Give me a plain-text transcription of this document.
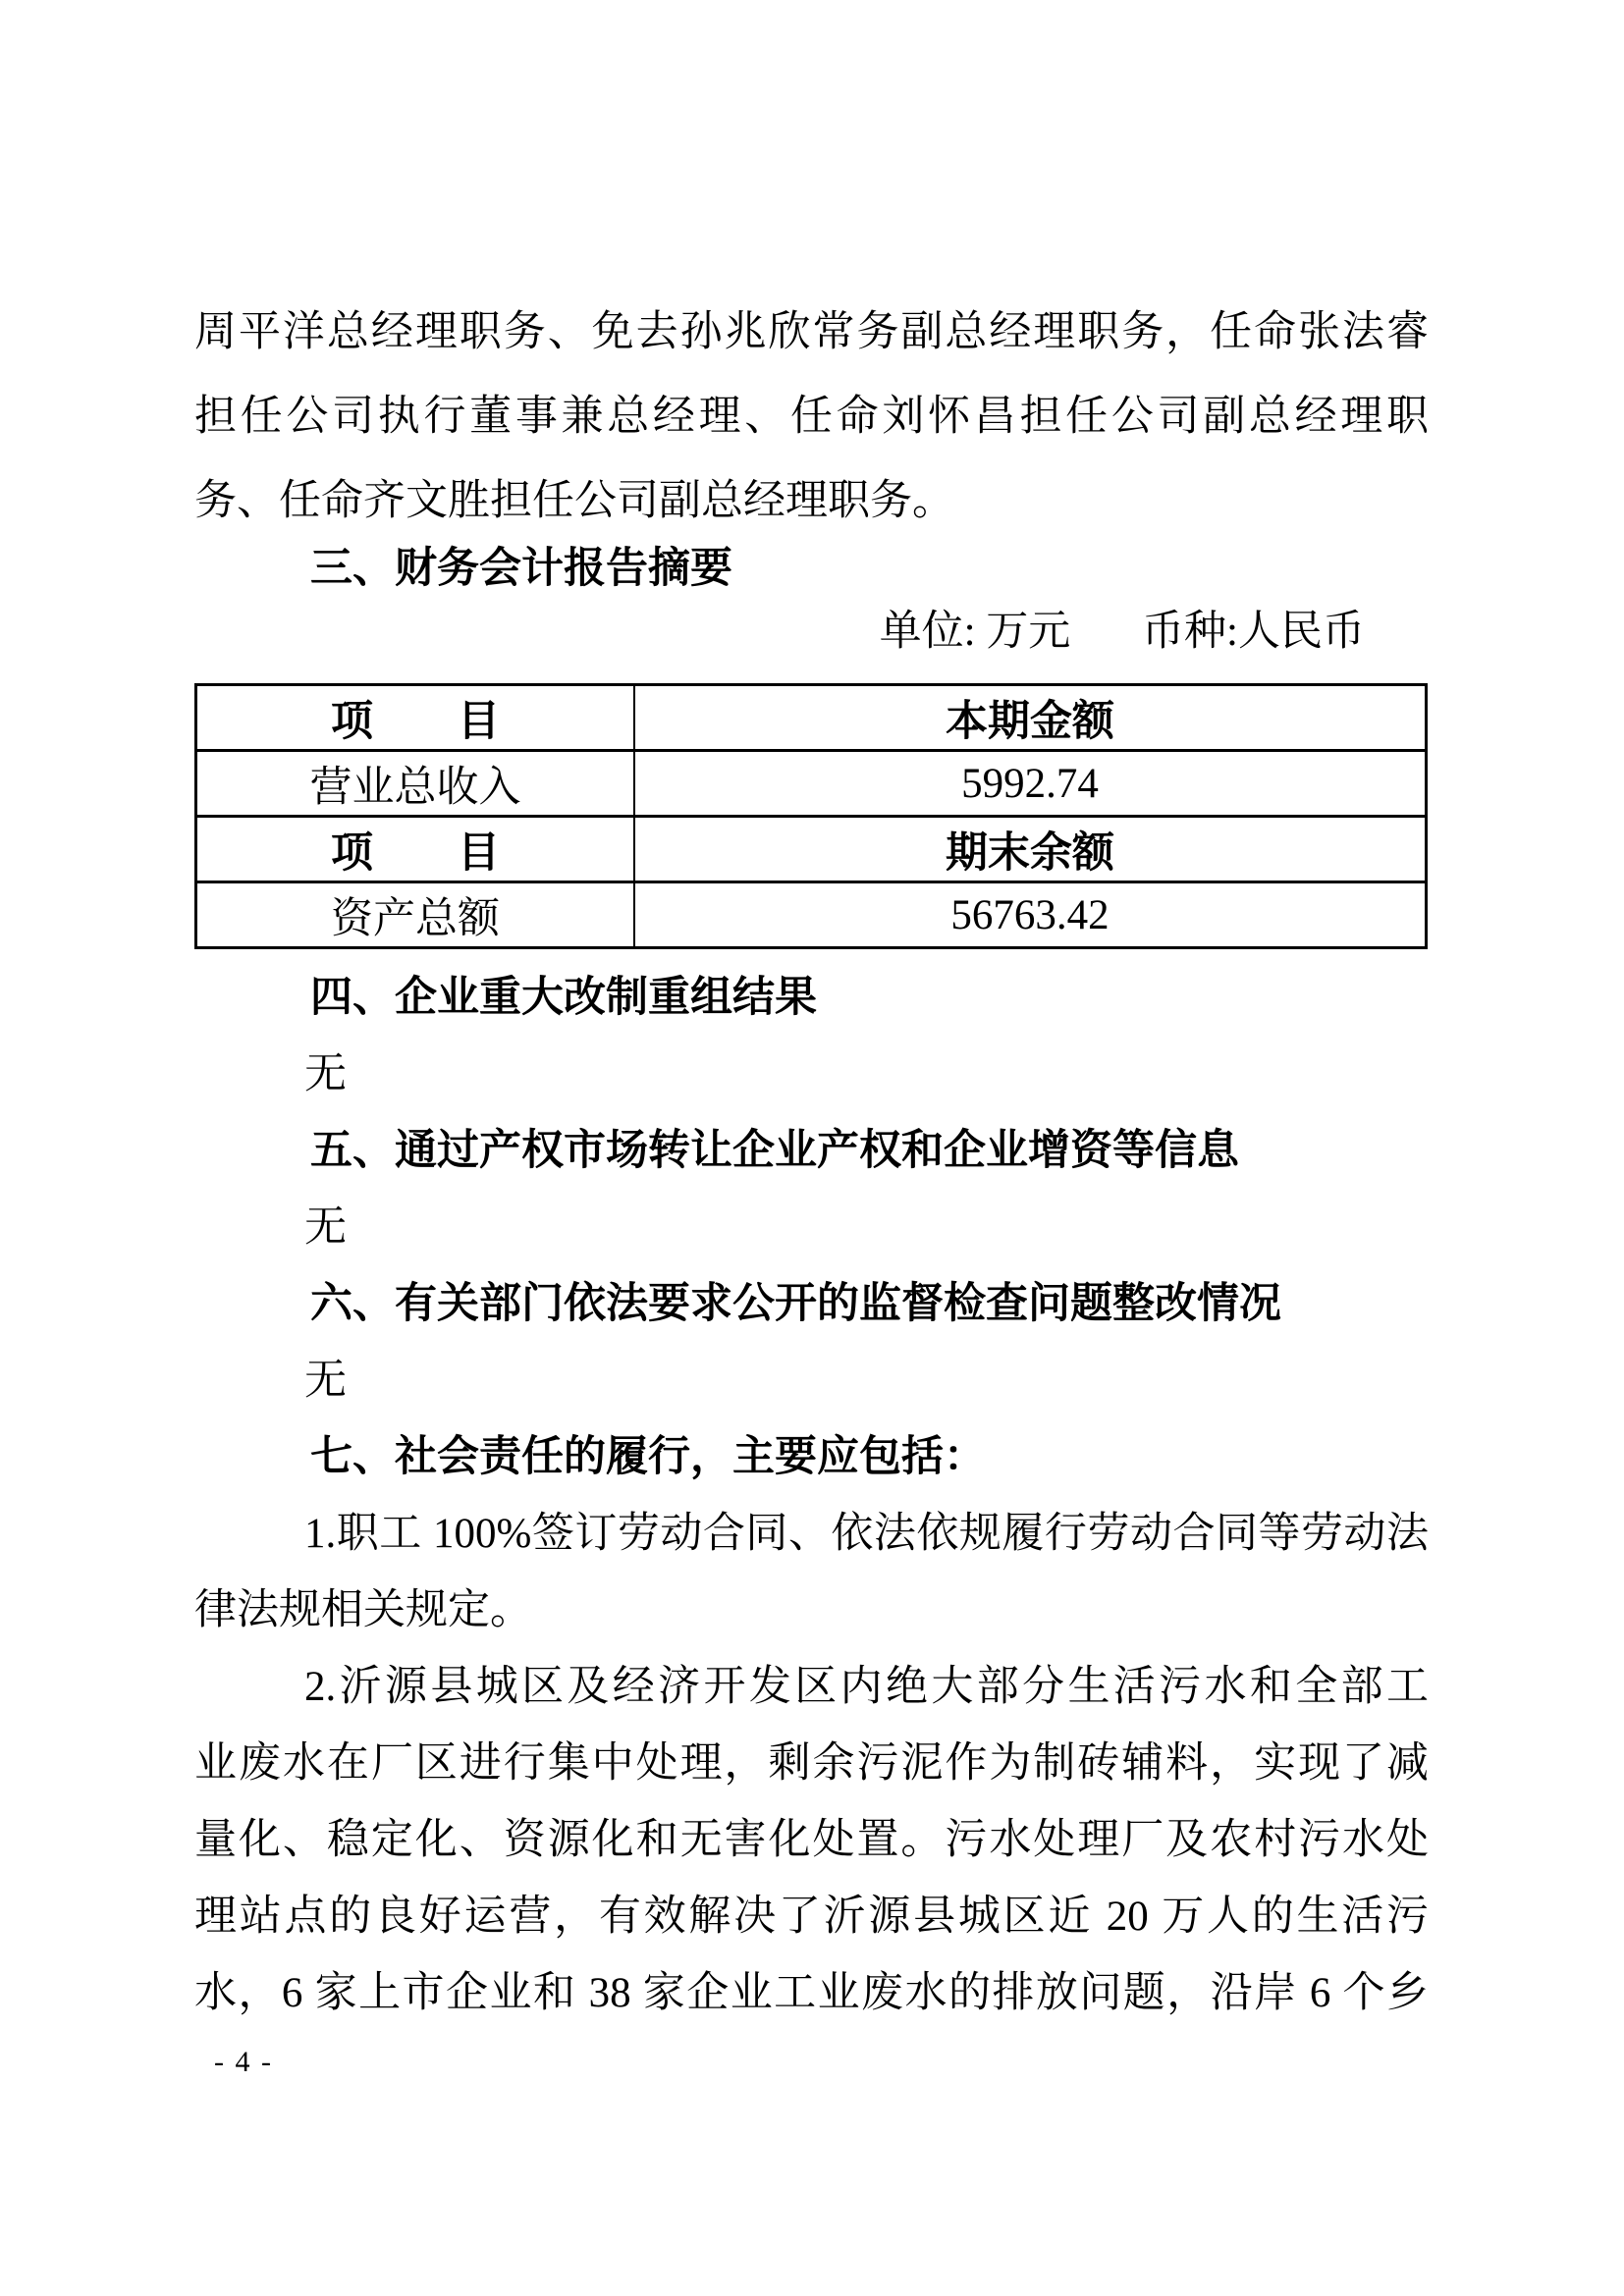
周平洋总经理职务、免去孙兆欣常务副总经理职务，任命张法睿
担任公司执行董事兼总经理、任命刘怀昌担任公司副总经理职
务、任命齐文胜担任公司副总经理职务。
三、财务会计报告摘要
单位: 万元 币种:人民币
项　　目	本期金额
营业总收入	5992.74
项　　目	期末余额
资产总额	56763.42
四、企业重大改制重组结果
无
五、通过产权市场转让企业产权和企业增资等信息
无
六、有关部门依法要求公开的监督检查问题整改情况
无
七、社会责任的履行，主要应包括：
1.职工 100%签订劳动合同、依法依规履行劳动合同等劳动法
律法规相关规定。
2.沂源县城区及经济开发区内绝大部分生活污水和全部工
业废水在厂区进行集中处理，剩余污泥作为制砖辅料，实现了减
量化、稳定化、资源化和无害化处置。污水处理厂及农村污水处
理站点的良好运营，有效解决了沂源县城区近 20 万人的生活污
水，6 家上市企业和 38 家企业工业废水的排放问题，沿岸 6 个乡
- 4 -
